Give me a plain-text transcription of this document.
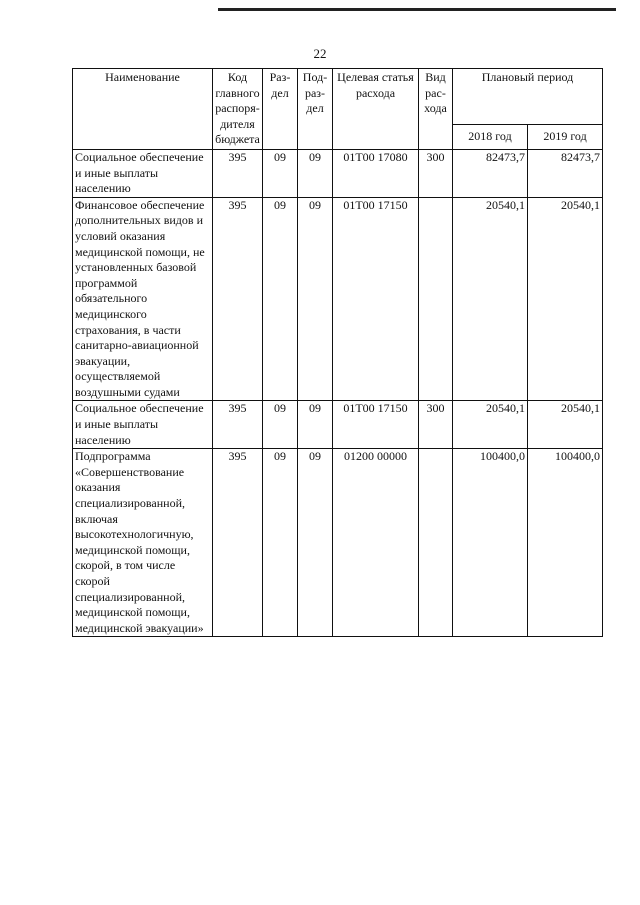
22
Наименование	Код главного распоря- дителя бюджета	Раз- дел	Под- раз- дел	Целевая статья расхода	Вид рас- хода	Плановый период	
						2018 год	2019 год
Социальное обеспечение и иные выплаты населению	395	09	09	01Т00 17080	300	82473,7	82473,7
Финансовое обеспечение дополнительных видов и условий оказания медицинской помощи, не установленных базовой программой обязательного медицинского страхования, в части санитарно-авиационной эвакуации, осуществляемой воздушными судами	395	09	09	01Т00 17150		20540,1	20540,1
Социальное обеспечение и иные выплаты населению	395	09	09	01Т00 17150	300	20540,1	20540,1
Подпрограмма «Совершенствование оказания специализированной, включая высокотехнологичную, медицинской помощи, скорой, в том числе скорой специализированной, медицинской помощи, медицинской эвакуации»	395	09	09	01200 00000		100400,0	100400,0
